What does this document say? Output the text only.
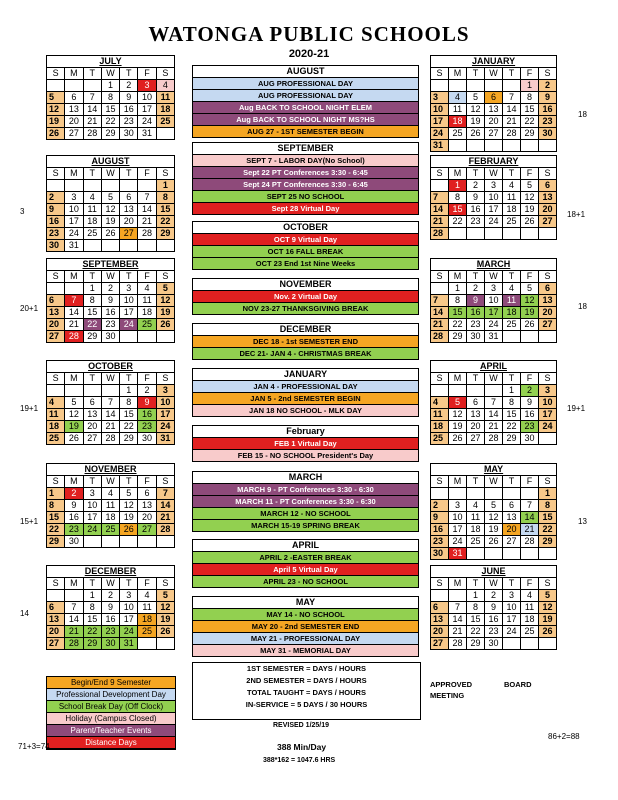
WATONGA PUBLIC SCHOOLS
2020-21
JULY						
S	M	T	W	T	F	S
			1	2	3	4
5	6	7	8	9	10	11
12	13	14	15	16	17	18
19	20	21	22	23	24	25
26	27	28	29	30	31	
AUGUST						
S	M	T	W	T	F	S
						1
2	3	4	5	6	7	8
9	10	11	12	13	14	15
16	17	18	19	20	21	22
23	24	25	26	27	28	29
30	31					
SEPTEMBER						
S	M	T	W	T	F	S
		1	2	3	4	5
6	7	8	9	10	11	12
13	14	15	16	17	18	19
20	21	22	23	24	25	26
27	28	29	30			
OCTOBER						
S	M	T	W	T	F	S
				1	2	3
4	5	6	7	8	9	10
11	12	13	14	15	16	17
18	19	20	21	22	23	24
25	26	27	28	29	30	31
NOVEMBER						
S	M	T	W	T	F	S
1	2	3	4	5	6	7
8	9	10	11	12	13	14
15	16	17	18	19	20	21
22	23	24	25	26	27	28
29	30					
DECEMBER						
S	M	T	W	T	F	S
		1	2	3	4	5
6	7	8	9	10	11	12
13	14	15	16	17	18	19
20	21	22	23	24	25	26
27	28	29	30	31		
JANUARY						
S	M	T	W	T	F	S
					1	2
3	4	5	6	7	8	9
10	11	12	13	14	15	16
17	18	19	20	21	22	23
24	25	26	27	28	29	30
31						
FEBRUARY						
S	M	T	W	T	F	S
	1	2	3	4	5	6
7	8	9	10	11	12	13
14	15	16	17	18	19	20
21	22	23	24	25	26	27
28						
MARCH						
S	M	T	W	T	F	S
	1	2	3	4	5	6
7	8	9	10	11	12	13
14	15	16	17	18	19	20
21	22	23	24	25	26	27
28	29	30	31			
APRIL						
S	M	T	W	T	F	S
				1	2	3
4	5	6	7	8	9	10
11	12	13	14	15	16	17
18	19	20	21	22	23	24
25	26	27	28	29	30	
MAY						
S	M	T	W	T	F	S
						1
2	3	4	5	6	7	8
9	10	11	12	13	14	15
16	17	18	19	20	21	22
23	24	25	26	27	28	29
30	31					
JUNE						
S	M	T	W	T	F	S
		1	2	3	4	5
6	7	8	9	10	11	12
13	14	15	16	17	18	19
20	21	22	23	24	25	26
27	28	29	30			
AUGUST
AUG PROFESSIONAL DAY
AUG PROFESSIONAL DAY
Aug BACK TO SCHOOL NIGHT ELEM
Aug BACK TO SCHOOL NIGHT MS?HS
AUG 27 - 1ST SEMESTER BEGIN
SEPTEMBER
SEPT 7 - LABOR DAY(No School)
Sept 22 PT Conferences 3:30 - 6:45
Sept 24 PT Conferences 3:30 - 6:45
SEPT 25 NO SCHOOL
Sept 28 Virtual Day
OCTOBER
OCT 9 Virtual Day
OCT 16 FALL BREAK
OCT 23 End 1st Nine Weeks
NOVEMBER
Nov. 2 Virtual Day
NOV 23-27 THANKSGIVING BREAK
DECEMBER
DEC 18 - 1st SEMESTER END
DEC 21- JAN 4 - CHRISTMAS BREAK
JANUARY
JAN 4 - PROFESSIONAL DAY
JAN 5 - 2nd SEMESTER BEGIN
JAN 18 NO SCHOOL - MLK DAY
February
FEB 1 Virtual Day
FEB 15 - NO SCHOOL President's Day
MARCH
MARCH 9 - PT Conferences 3:30 - 6:30
MARCH 11 - PT Conferences 3:30 - 6:30
MARCH 12 - NO SCHOOL
MARCH 15-19 SPRING BREAK
APRIL
APRIL 2 -EASTER BREAK
April 5 Virtual Day
APRIL 23 - NO SCHOOL
MAY
MAY 14 - NO SCHOOL
MAY 20 - 2nd SEMESTER END
MAY 21 - PROFESSIONAL DAY
MAY 31 - MEMORIAL DAY
3
20+1
19+1
15+1
14
18
18+1
18
19+1
13
1ST SEMESTER = DAYS / HOURS
2ND SEMESTER = DAYS / HOURS
TOTAL TAUGHT = DAYS / HOURS
IN-SERVICE = 5 DAYS / 30 HOURS
REVISED 1/25/19
388 Min/Day
388*162 = 1047.6 HRS
APPROVED	BOARD
MEETING
Begin/End 9 Semester
Professional Development Day
School Break Day (Off Clock)
Holiday (Campus Closed)
Parent/Teacher Events
Distance Days
71+3=74
86+2=88
